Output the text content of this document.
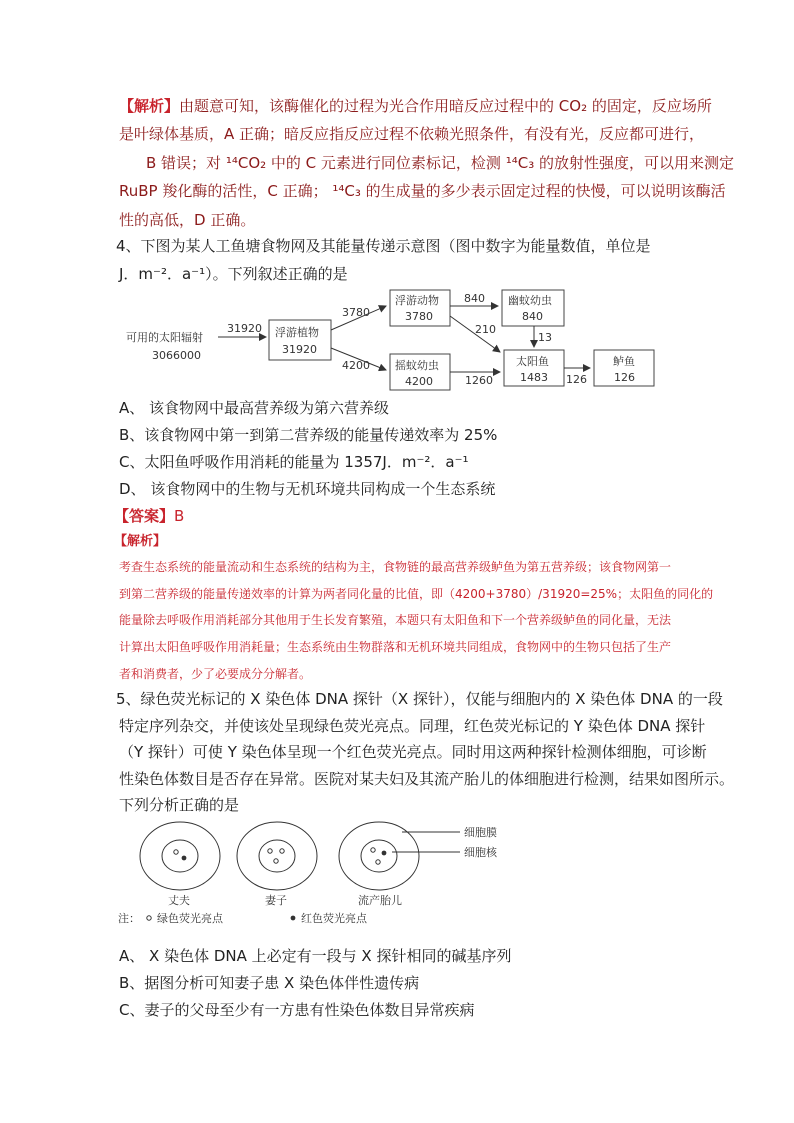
【解析】由题意可知，该酶催化的过程为光合作用暗反应过程中的 CO₂ 的固定，反应场所
是叶绿体基质，A 正确；暗反应指反应过程不依赖光照条件，有没有光，反应都可进行，
B 错误；对 ¹⁴CO₂ 中的 C 元素进行同位素标记，检测 ¹⁴C₃ 的放射性强度，可以用来测定
RuBP 羧化酶的活性，C 正确； ¹⁴C₃ 的生成量的多少表示固定过程的快慢，可以说明该酶活
性的高低，D 正确。
4、下图为某人工鱼塘食物网及其能量传递示意图（图中数字为能量数值，单位是
J．m⁻²．a⁻¹）。下列叙述正确的是
可用的太阳辐射
3066000
31920 浮游植物
31920
3780
4200
浮游动物
3780
摇蚊幼虫
4200
840
210
幽蚊幼虫
840
13
1260
太阳鱼
1483 126
鲈鱼
126
A、 该食物网中最高营养级为第六营养级
B、该食物网中第一到第二营养级的能量传递效率为 25%
C、太阳鱼呼吸作用消耗的能量为 1357J．m⁻²．a⁻¹
D、 该食物网中的生物与无机环境共同构成一个生态系统
【答案】B
【解析】
考查生态系统的能量流动和生态系统的结构为主，食物链的最高营养级鲈鱼为第五营养级；该食物网第一
到第二营养级的能量传递效率的计算为两者同化量的比值，即（4200+3780）/31920=25%；太阳鱼的同化的
能量除去呼吸作用消耗部分其他用于生长发育繁殖，本题只有太阳鱼和下一个营养级鲈鱼的同化量，无法
计算出太阳鱼呼吸作用消耗量；生态系统由生物群落和无机环境共同组成，食物网中的生物只包括了生产
者和消费者，少了必要成分分解者。
5、绿色荧光标记的 X 染色体 DNA 探针（X 探针），仅能与细胞内的 X 染色体 DNA 的一段
特定序列杂交，并使该处呈现绿色荧光亮点。同理，红色荧光标记的 Y 染色体 DNA 探针
（Y 探针）可使 Y 染色体呈现一个红色荧光亮点。同时用这两种探针检测体细胞，可诊断
性染色体数目是否存在异常。医院对某夫妇及其流产胎儿的体细胞进行检测，结果如图所示。
下列分析正确的是
细胞膜
细胞核
丈夫	妻子	流产胎儿
注： 绿色荧光亮点	红色荧光亮点
A、 X 染色体 DNA 上必定有一段与 X 探针相同的碱基序列
B、据图分析可知妻子患 X 染色体伴性遗传病
C、妻子的父母至少有一方患有性染色体数目异常疾病
